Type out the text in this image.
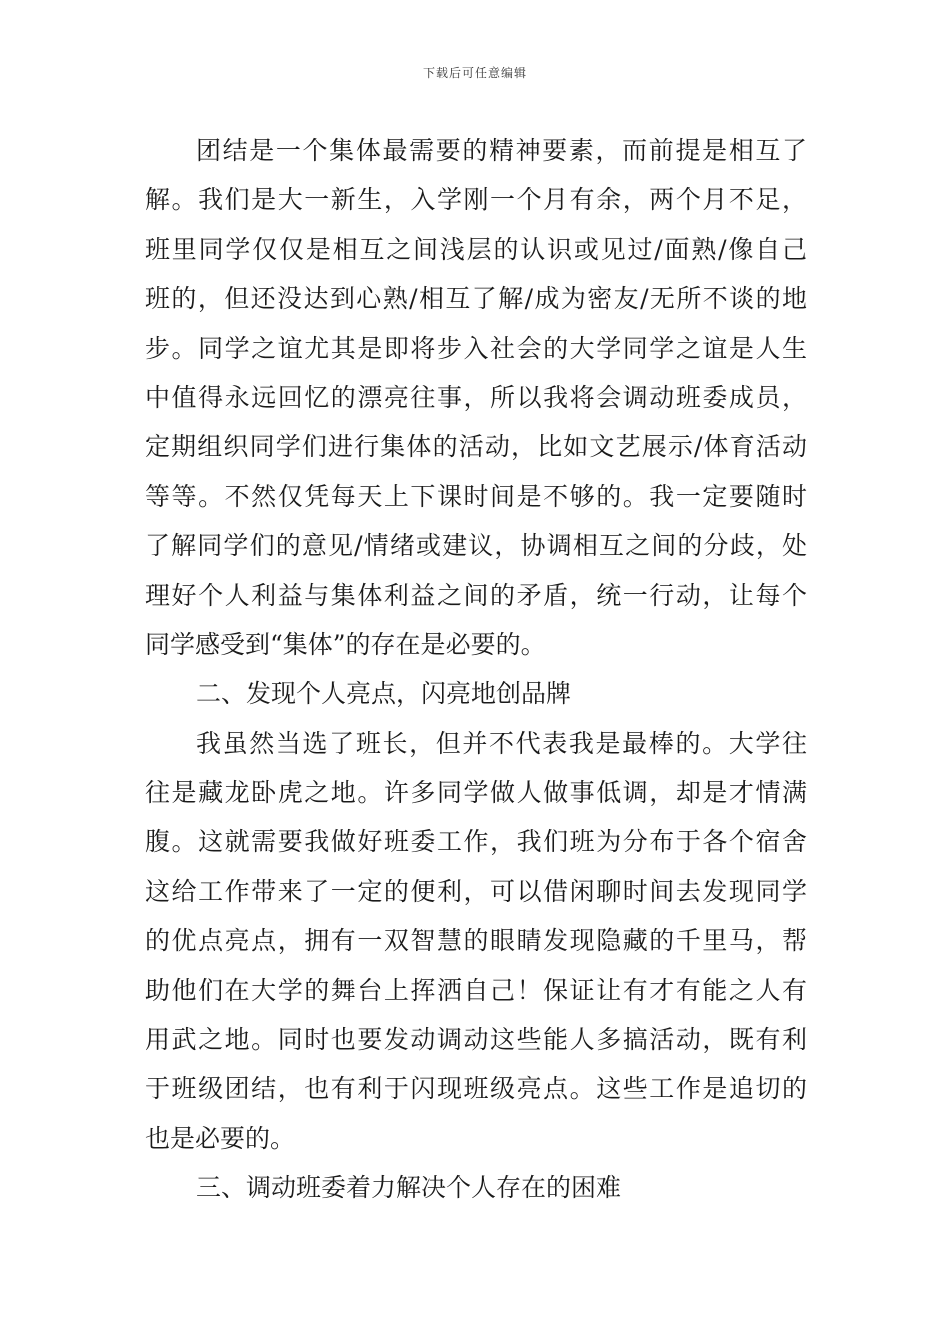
下载后可任意编辑
团结是一个集体最需要的精神要素，而前提是相互了
解。我们是大一新生，入学刚一个月有余，两个月不足，
班里同学仅仅是相互之间浅层的认识或见过/面熟/像自己
班的，但还没达到心熟/相互了解/成为密友/无所不谈的地
步。同学之谊尤其是即将步入社会的大学同学之谊是人生
中值得永远回忆的漂亮往事，所以我将会调动班委成员，
定期组织同学们进行集体的活动，比如文艺展示/体育活动
等等。不然仅凭每天上下课时间是不够的。我一定要随时
了解同学们的意见/情绪或建议，协调相互之间的分歧，处
理好个人利益与集体利益之间的矛盾，统一行动，让每个
同学感受到“集体”的存在是必要的。
二、发现个人亮点，闪亮地创品牌
我虽然当选了班长，但并不代表我是最棒的。大学往
往是藏龙卧虎之地。许多同学做人做事低调，却是才情满
腹。这就需要我做好班委工作，我们班为分布于各个宿舍
这给工作带来了一定的便利，可以借闲聊时间去发现同学
的优点亮点，拥有一双智慧的眼睛发现隐藏的千里马，帮
助他们在大学的舞台上挥洒自己！保证让有才有能之人有
用武之地。同时也要发动调动这些能人多搞活动，既有利
于班级团结，也有利于闪现班级亮点。这些工作是追切的
也是必要的。
三、调动班委着力解决个人存在的困难
